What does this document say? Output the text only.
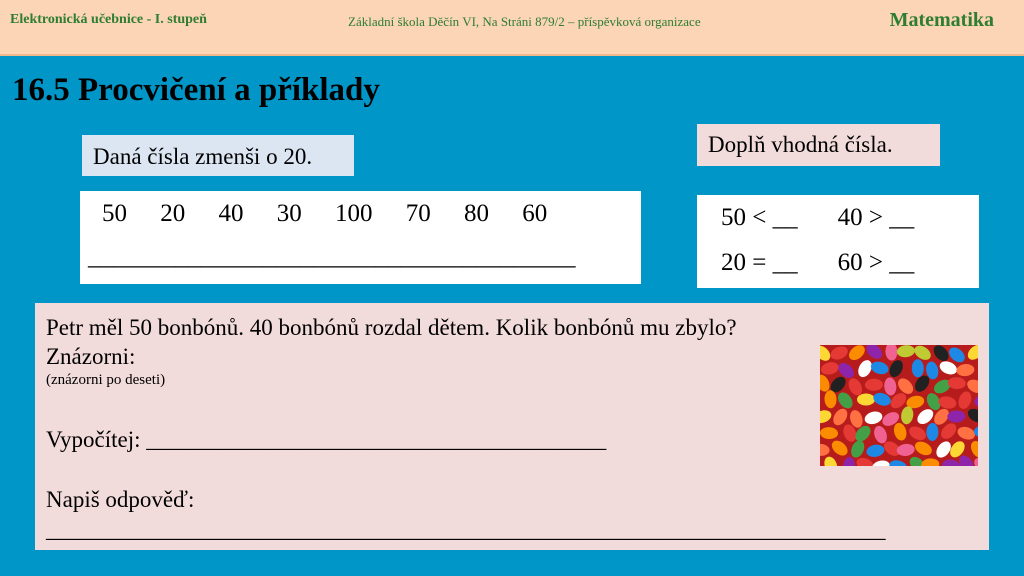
Elektronická učebnice - I. stupeň	Základní škola Děčín VI, Na Stráni 879/2 – příspěvková organizace	Matematika
16.5 Procvičení a příklady
Daná čísla zmenši o 20.
50 20 40 30 100 70 80 60
_______________________________________
Doplň vhodná čísla.
50 < __ 40 > __
20 = __ 60 > __
Petr měl 50 bonbónů. 40 bonbónů rozdal dětem. Kolik bonbónů mu zbylo?
Znázorni:
(znázorni po deseti)
Vypočítej: ________________________________________
Napiš odpověď:
_________________________________________________________________________
